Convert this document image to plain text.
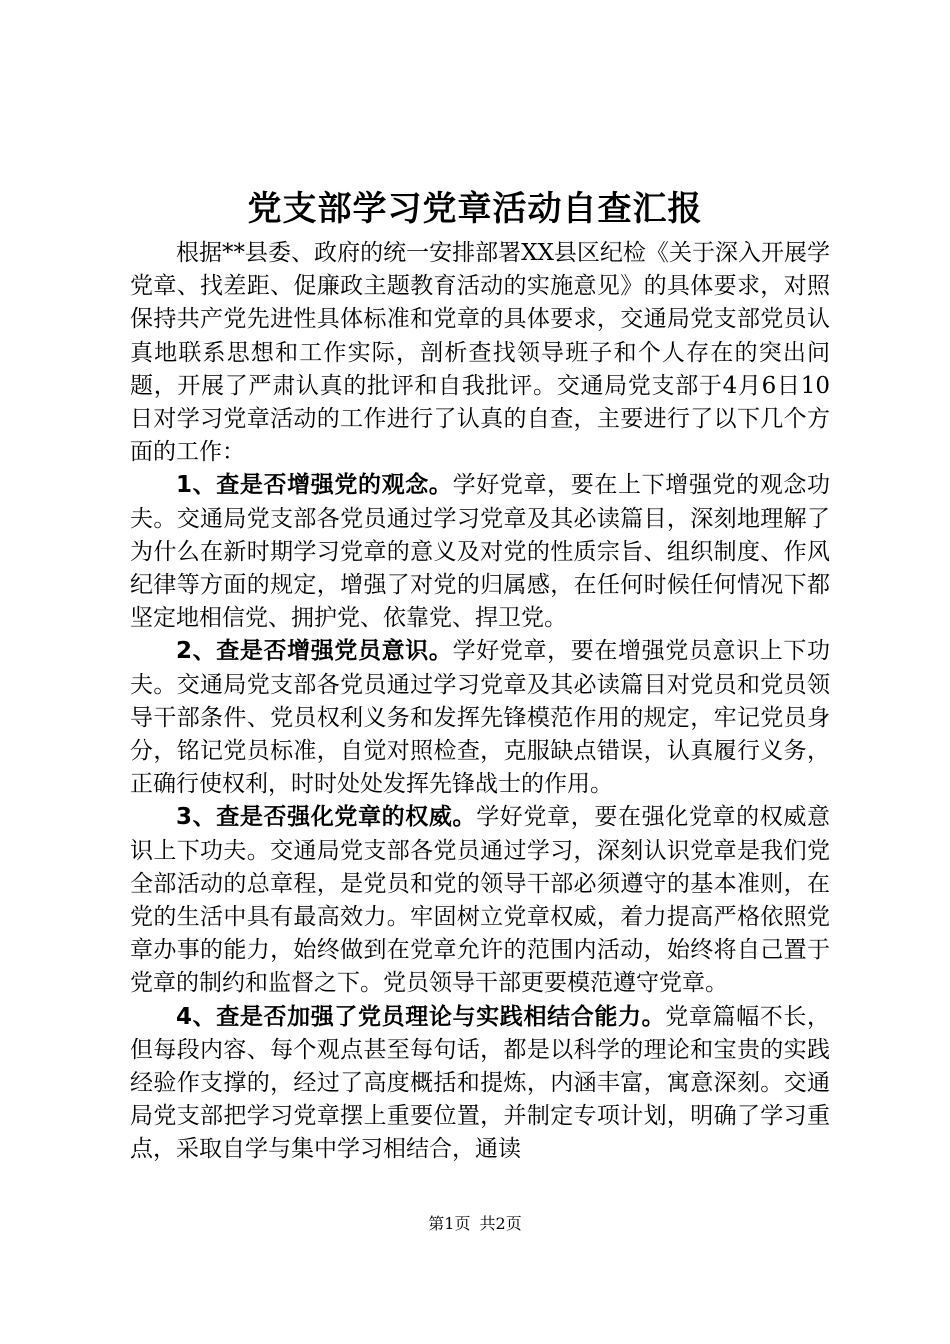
党支部学习党章活动自查汇报

根据**县委、政府的统一安排部署XX县区纪检《关于深入开展学党章、找差距、促廉政主题教育活动的实施意见》的具体要求，对照保持共产党先进性具体标准和党章的具体要求，交通局党支部党员认真地联系思想和工作实际，剖析查找领导班子和个人存在的突出问题，开展了严肃认真的批评和自我批评。交通局党支部于4月6日10日对学习党章活动的工作进行了认真的自查，主要进行了以下几个方面的工作：

1、查是否增强党的观念。学好党章，要在上下增强党的观念功夫。交通局党支部各党员通过学习党章及其必读篇目，深刻地理解了为什么在新时期学习党章的意义及对党的性质宗旨、组织制度、作风纪律等方面的规定，增强了对党的归属感，在任何时候任何情况下都坚定地相信党、拥护党、依靠党、捍卫党。

2、查是否增强党员意识。学好党章，要在增强党员意识上下功夫。交通局党支部各党员通过学习党章及其必读篇目对党员和党员领导干部条件、党员权利义务和发挥先锋模范作用的规定，牢记党员身分，铭记党员标准，自觉对照检查，克服缺点错误，认真履行义务，正确行使权利，时时处处发挥先锋战士的作用。

3、查是否强化党章的权威。学好党章，要在强化党章的权威意识上下功夫。交通局党支部各党员通过学习，深刻认识党章是我们党全部活动的总章程，是党员和党的领导干部必须遵守的基本准则，在党的生活中具有最高效力。牢固树立党章权威，着力提高严格依照党章办事的能力，始终做到在党章允许的范围内活动，始终将自己置于党章的制约和监督之下。党员领导干部更要模范遵守党章。

4、查是否加强了党员理论与实践相结合能力。党章篇幅不长，但每段内容、每个观点甚至每句话，都是以科学的理论和宝贵的实践经验作支撑的，经过了高度概括和提炼，内涵丰富，寓意深刻。交通局党支部把学习党章摆上重要位置，并制定专项计划，明确了学习重点，采取自学与集中学习相结合，通读

第1页 共2页
